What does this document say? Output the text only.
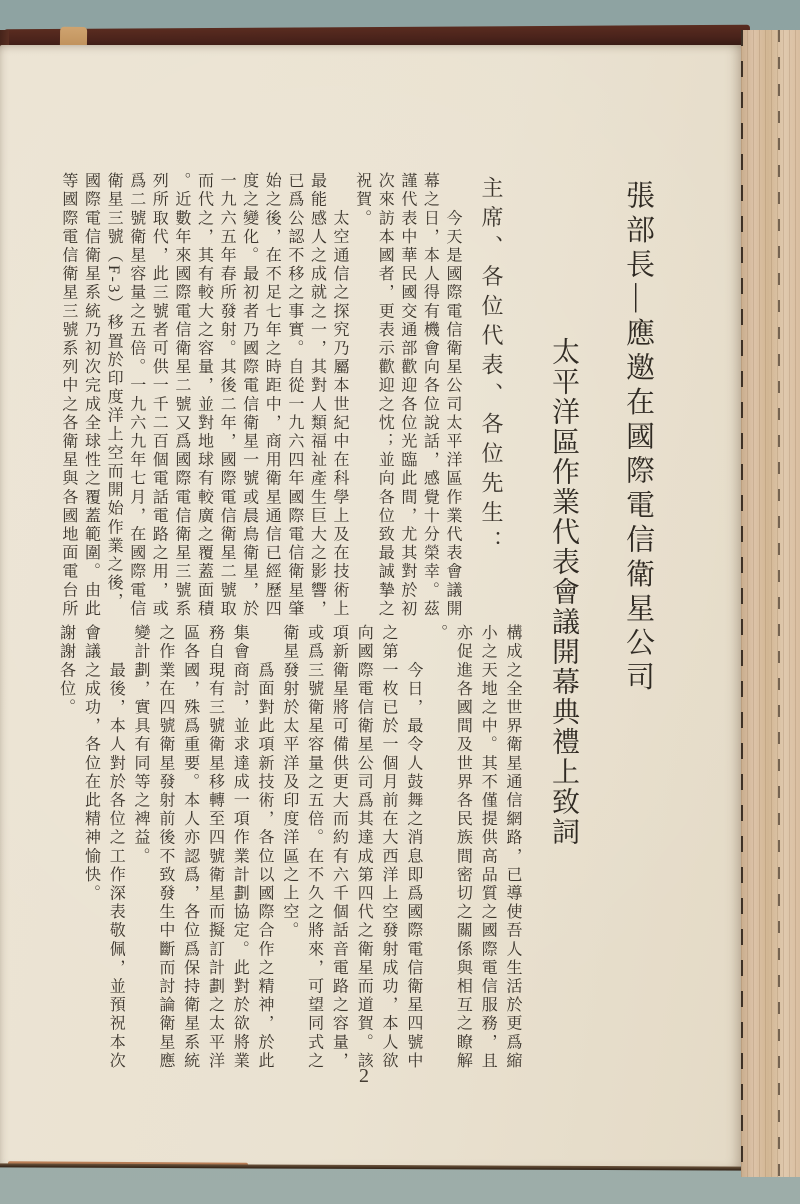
張部長—應邀在國際電信衛星公司
太平洋區作業代表會議開幕典禮上致詞
主席、各位代表、各位先生：
　　今天是國際電信衛星公司太平洋區作業代表會議開
幕之日，本人得有機會向各位說話，感覺十分榮幸。茲
謹代表中華民國交通部歡迎各位光臨此間，尤其對於初
次來訪本國者，更表示歡迎之忱；並向各位致最誠摯之
祝賀。
　　太空通信之探究乃屬本世紀中在科學上及在技術上
最能感人之成就之一，其對人類福祉產生巨大之影響，
已爲公認不移之事實。自從一九六四年國際電信衛星肇
始之後，在不足七年之時距中，商用衛星通信已經歷四
度之變化。最初者乃國際電信衛星一號或晨鳥衛星，於
一九六五年春所發射。其後二年，國際電信衛星二號取
而代之，其有較大之容量，並對地球有較廣之覆蓋面積
。近數年來國際電信衛星二號又爲國際電信衛星三號系
列所取代，此三號者可供一千二百個電話電路之用，或
爲二號衛星容量之五倍。一九六九年七月，在國際電信
衛星三號（F-3）移置於印度洋上空而開始作業之後，
國際電信衛星系統乃初次完成全球性之覆蓋範圍。由此
等國際電信衛星三號系列中之各衛星與各國地面電台所
構成之全世界衛星通信網路，已導使吾人生活於更爲縮
小之天地之中。其不僅提供高品質之國際電信服務，且
亦促進各國間及世界各民族間密切之關係與相互之瞭解
。
　　今日，最令人鼓舞之消息即爲國際電信衛星四號中
之第一枚已於一個月前在大西洋上空發射成功，本人欲
向國際電信衛星公司爲其達成第四代之衛星而道賀。該
項新衛星將可備供更大而約有六千個話音電路之容量，
或爲三號衛星容量之五倍。在不久之將來，可望同式之
衛星發射於太平洋及印度洋區之上空。
　　爲面對此項新技術，各位以國際合作之精神，於此
集會商討，並求達成一項作業計劃協定。此對於欲將業
務自現有三號衛星移轉至四號衛星而擬訂計劃之太平洋
區各國，殊爲重要。本人亦認爲，各位爲保持衛星系統
之作業在四號衛星發射前後不致發生中斷而討論衛星應
變計劃，實具有同等之裨益。
　　最後，本人對於各位之工作深表敬佩，並預祝本次
會議之成功，各位在此精神愉快。
謝謝各位。
2
